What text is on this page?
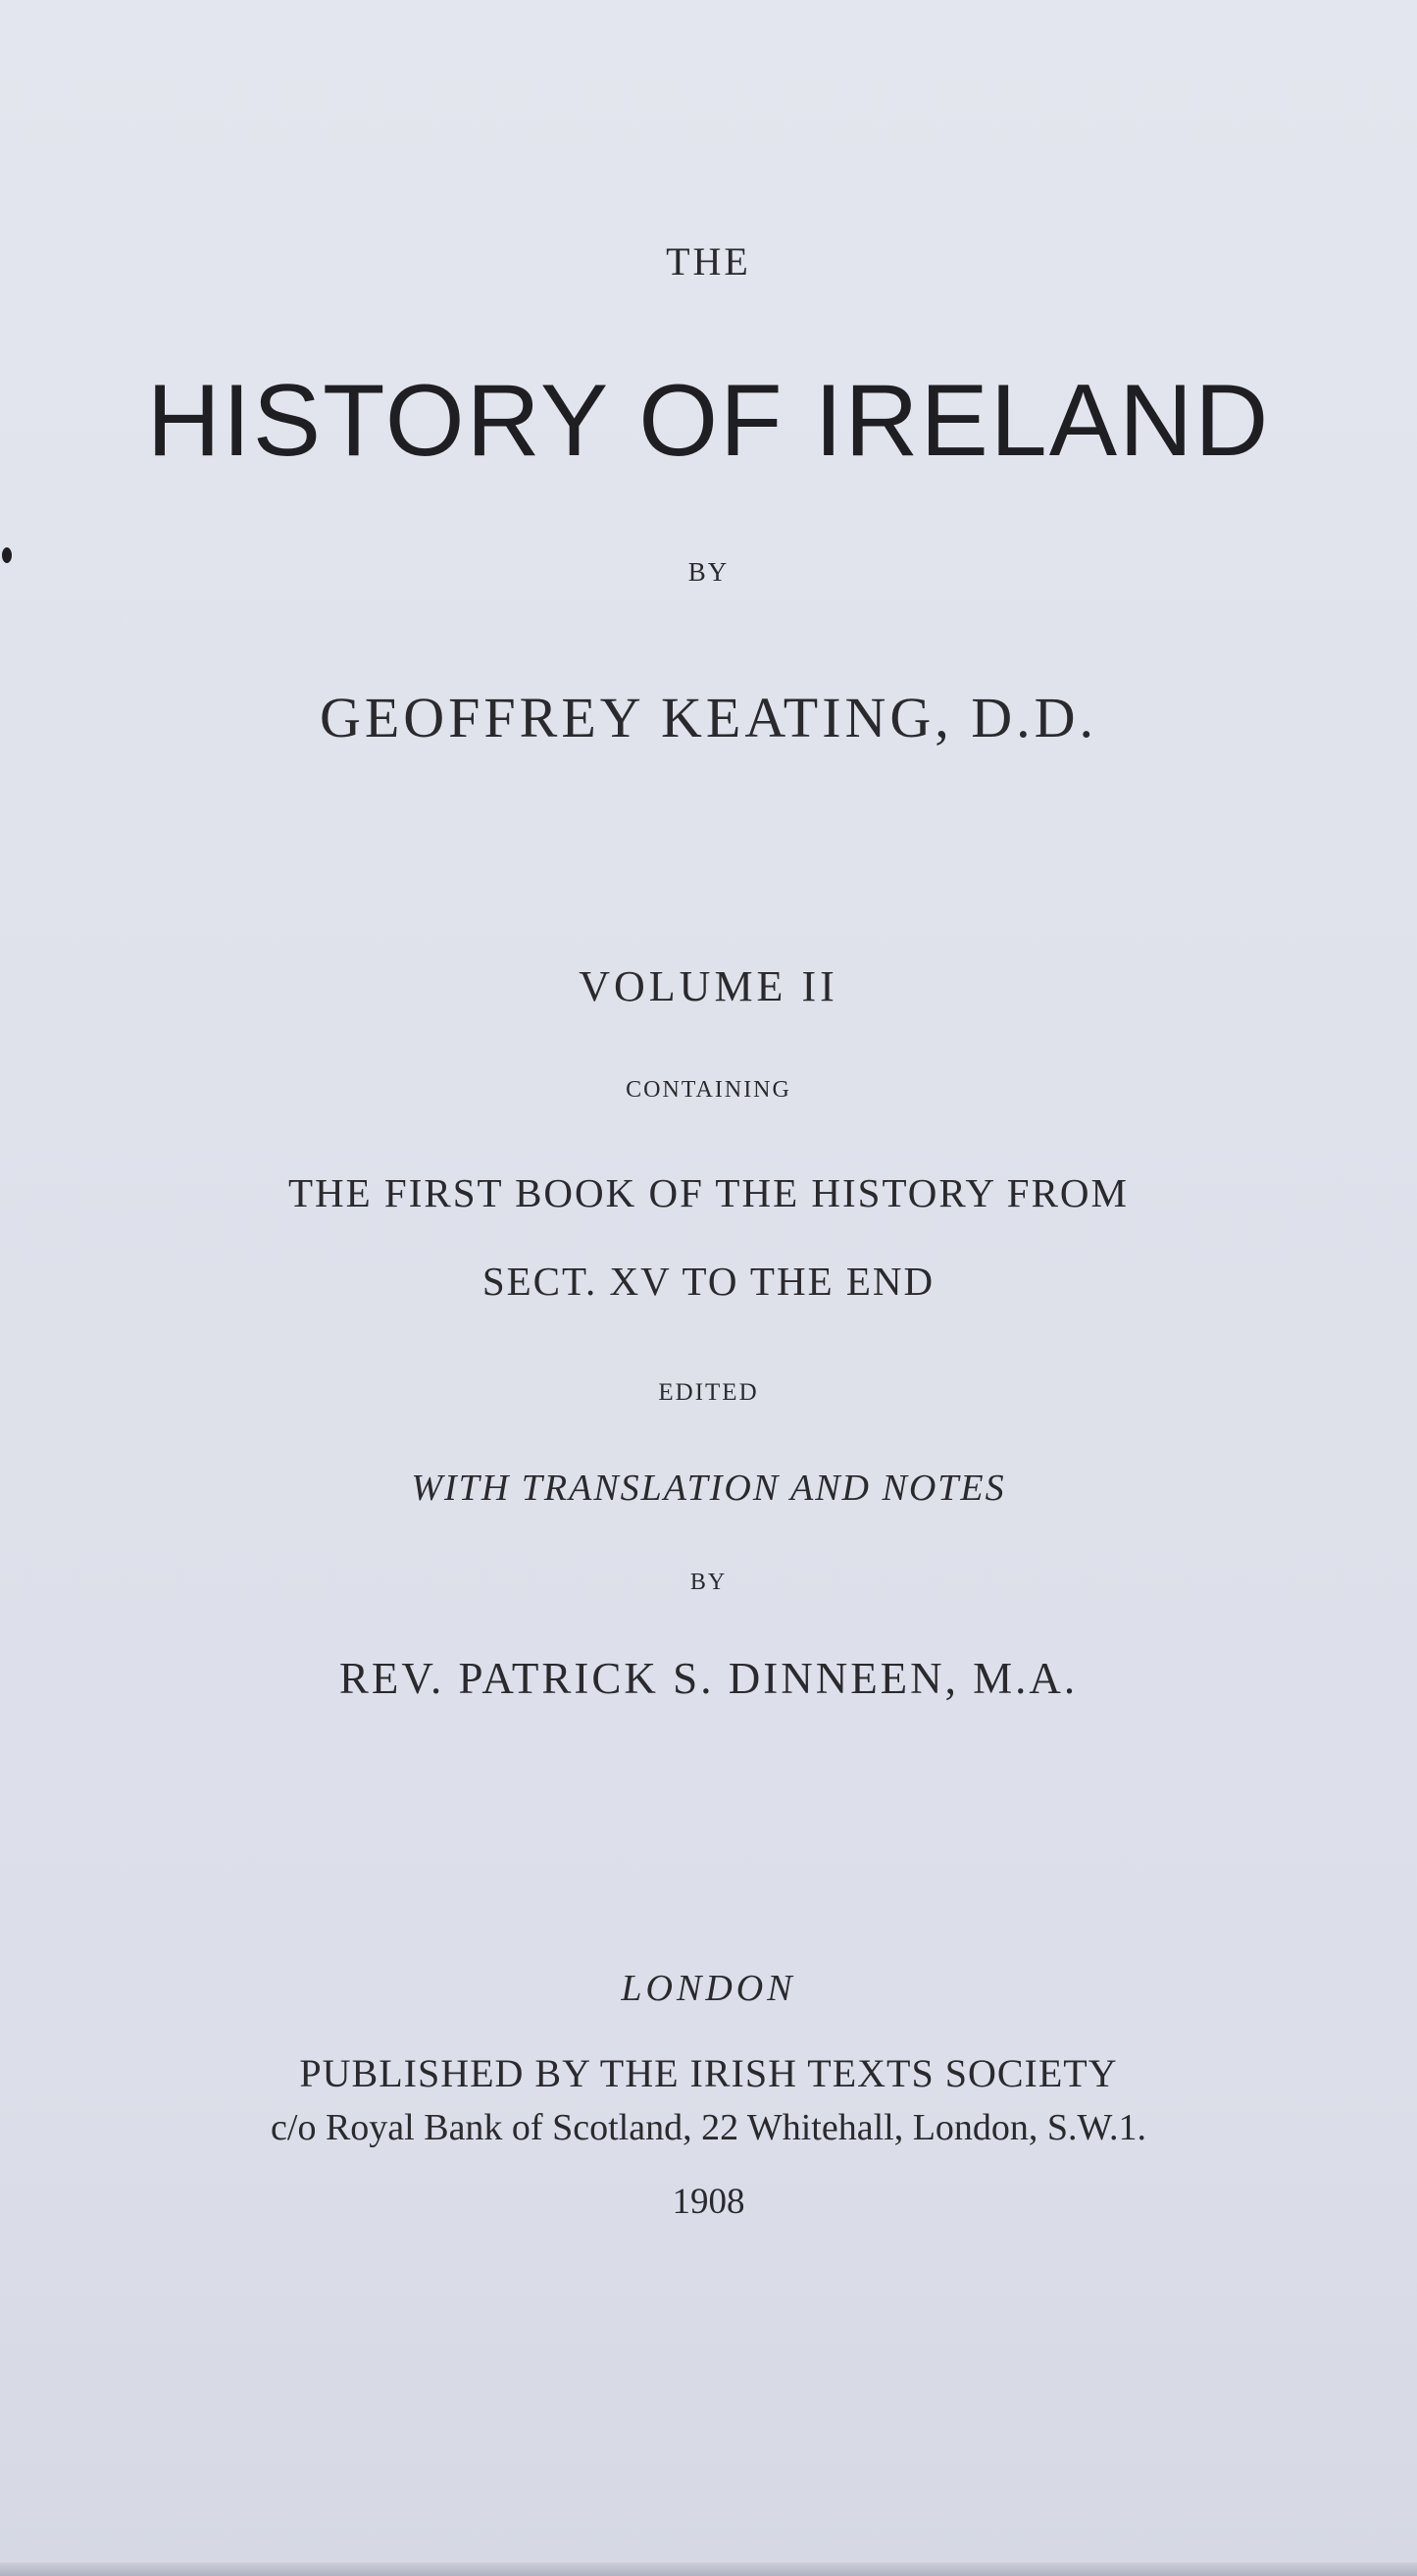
THE
HISTORY OF IRELAND
BY
GEOFFREY KEATING, D.D.
VOLUME II
CONTAINING
THE FIRST BOOK OF THE HISTORY FROM
SECT. XV TO THE END
EDITED
WITH TRANSLATION AND NOTES
BY
REV. PATRICK S. DINNEEN, M.A.
LONDON
PUBLISHED BY THE IRISH TEXTS SOCIETY
c/o Royal Bank of Scotland, 22 Whitehall, London, S.W.1.
1908
